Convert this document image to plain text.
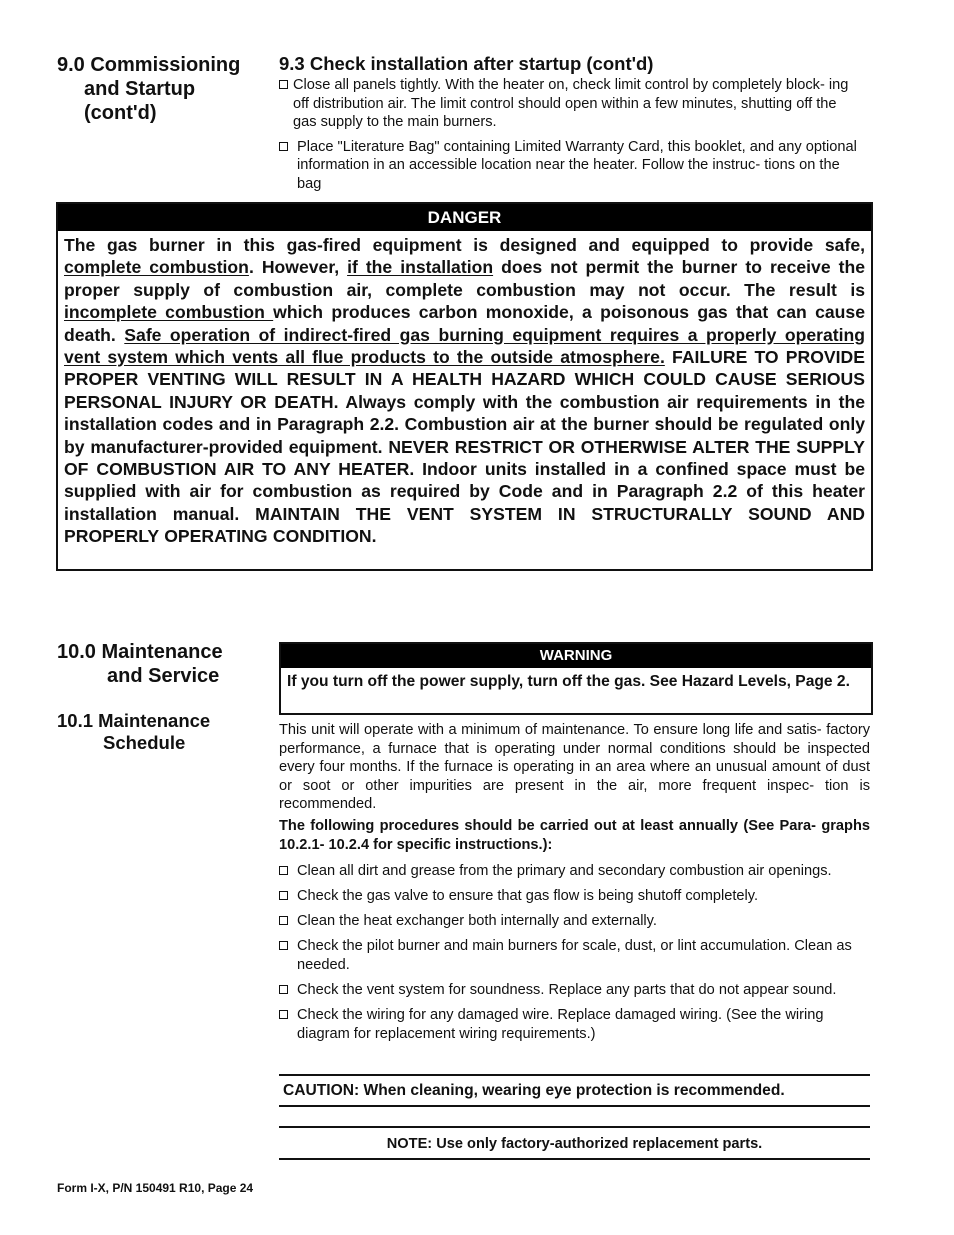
9.0 Commissioning
and Startup
(cont'd)
9.3 Check installation after startup (cont'd)
Close all panels tightly. With the heater on, check limit control by completely block- ing off distribution air. The limit control should open within a few minutes, shutting off the gas supply to the main burners.
Place "Literature Bag" containing Limited Warranty Card, this booklet, and any optional information in an accessible location near the heater. Follow the instruc- tions on the bag
DANGER
The gas burner in this gas-fired equipment is designed and equipped to provide safe, complete combustion. However, if the installation does not permit the burner to receive the proper supply of combustion air, complete combustion may not occur. The result is incomplete combustion which produces carbon monoxide, a poisonous gas that can cause death. Safe operation of indirect-fired gas burning equipment requires a properly operating vent system which vents all flue products to the outside atmosphere. FAILURE TO PROVIDE PROPER VENTING WILL RESULT IN A HEALTH HAZARD WHICH COULD CAUSE SERIOUS PERSONAL INJURY OR DEATH. Always comply with the combustion air requirements in the installation codes and in Paragraph 2.2. Combustion air at the burner should be regulated only by manufacturer-provided equipment. NEVER RESTRICT OR OTHERWISE ALTER THE SUPPLY OF COMBUSTION AIR TO ANY HEATER. Indoor units installed in a confined space must be supplied with air for combustion as required by Code and in Paragraph 2.2 of this heater installation manual. MAINTAIN THE VENT SYSTEM IN STRUCTURALLY SOUND AND PROPERLY OPERATING CONDITION.
10.0 Maintenance
and Service
10.1 Maintenance
Schedule
WARNING
If you turn off the power supply, turn off the gas. See Hazard Levels, Page 2.
This unit will operate with a minimum of maintenance. To ensure long life and satis- factory performance, a furnace that is operating under normal conditions should be inspected every four months. If the furnace is operating in an area where an unusual amount of dust or soot or other impurities are present in the air, more frequent inspec- tion is recommended.
The following procedures should be carried out at least annually (See Para- graphs 10.2.1- 10.2.4 for specific instructions.):
Clean all dirt and grease from the primary and secondary combustion air openings.
Check the gas valve to ensure that gas flow is being shutoff completely.
Clean the heat exchanger both internally and externally.
Check the pilot burner and main burners for scale, dust, or lint accumulation. Clean as needed.
Check the vent system for soundness. Replace any parts that do not appear sound.
Check the wiring for any damaged wire. Replace damaged wiring. (See the wiring diagram for replacement wiring requirements.)
CAUTION: When cleaning, wearing eye protection is recommended.
NOTE: Use only factory-authorized replacement parts.
Form I-X, P/N 150491 R10, Page 24
